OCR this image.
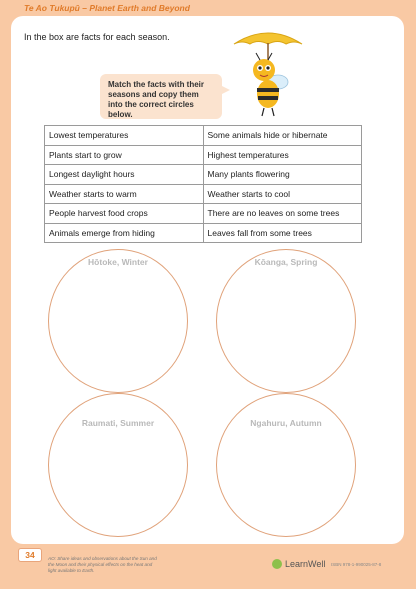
Te Ao Tukupū – Planet Earth and Beyond
In the box are facts for each season.
Match the facts with their seasons and copy them into the correct circles below.
Lowest temperatures	Some animals hide or hibernate
Plants start to grow	Highest temperatures
Longest daylight hours	Many plants flowering
Weather starts to warm	Weather starts to cool
People harvest food crops	There are no leaves on some trees
Animals emerge from hiding	Leaves fall from some trees
Hōtoke, Winter	Kōanga, Spring
Raumati, Summer	Ngahuru, Autumn
34	AO: Share ideas and observations about the Sun and the Moon and their physical effects on the heat and light available to Earth.
LearnWell ISBN 978-1-990025-87-8
